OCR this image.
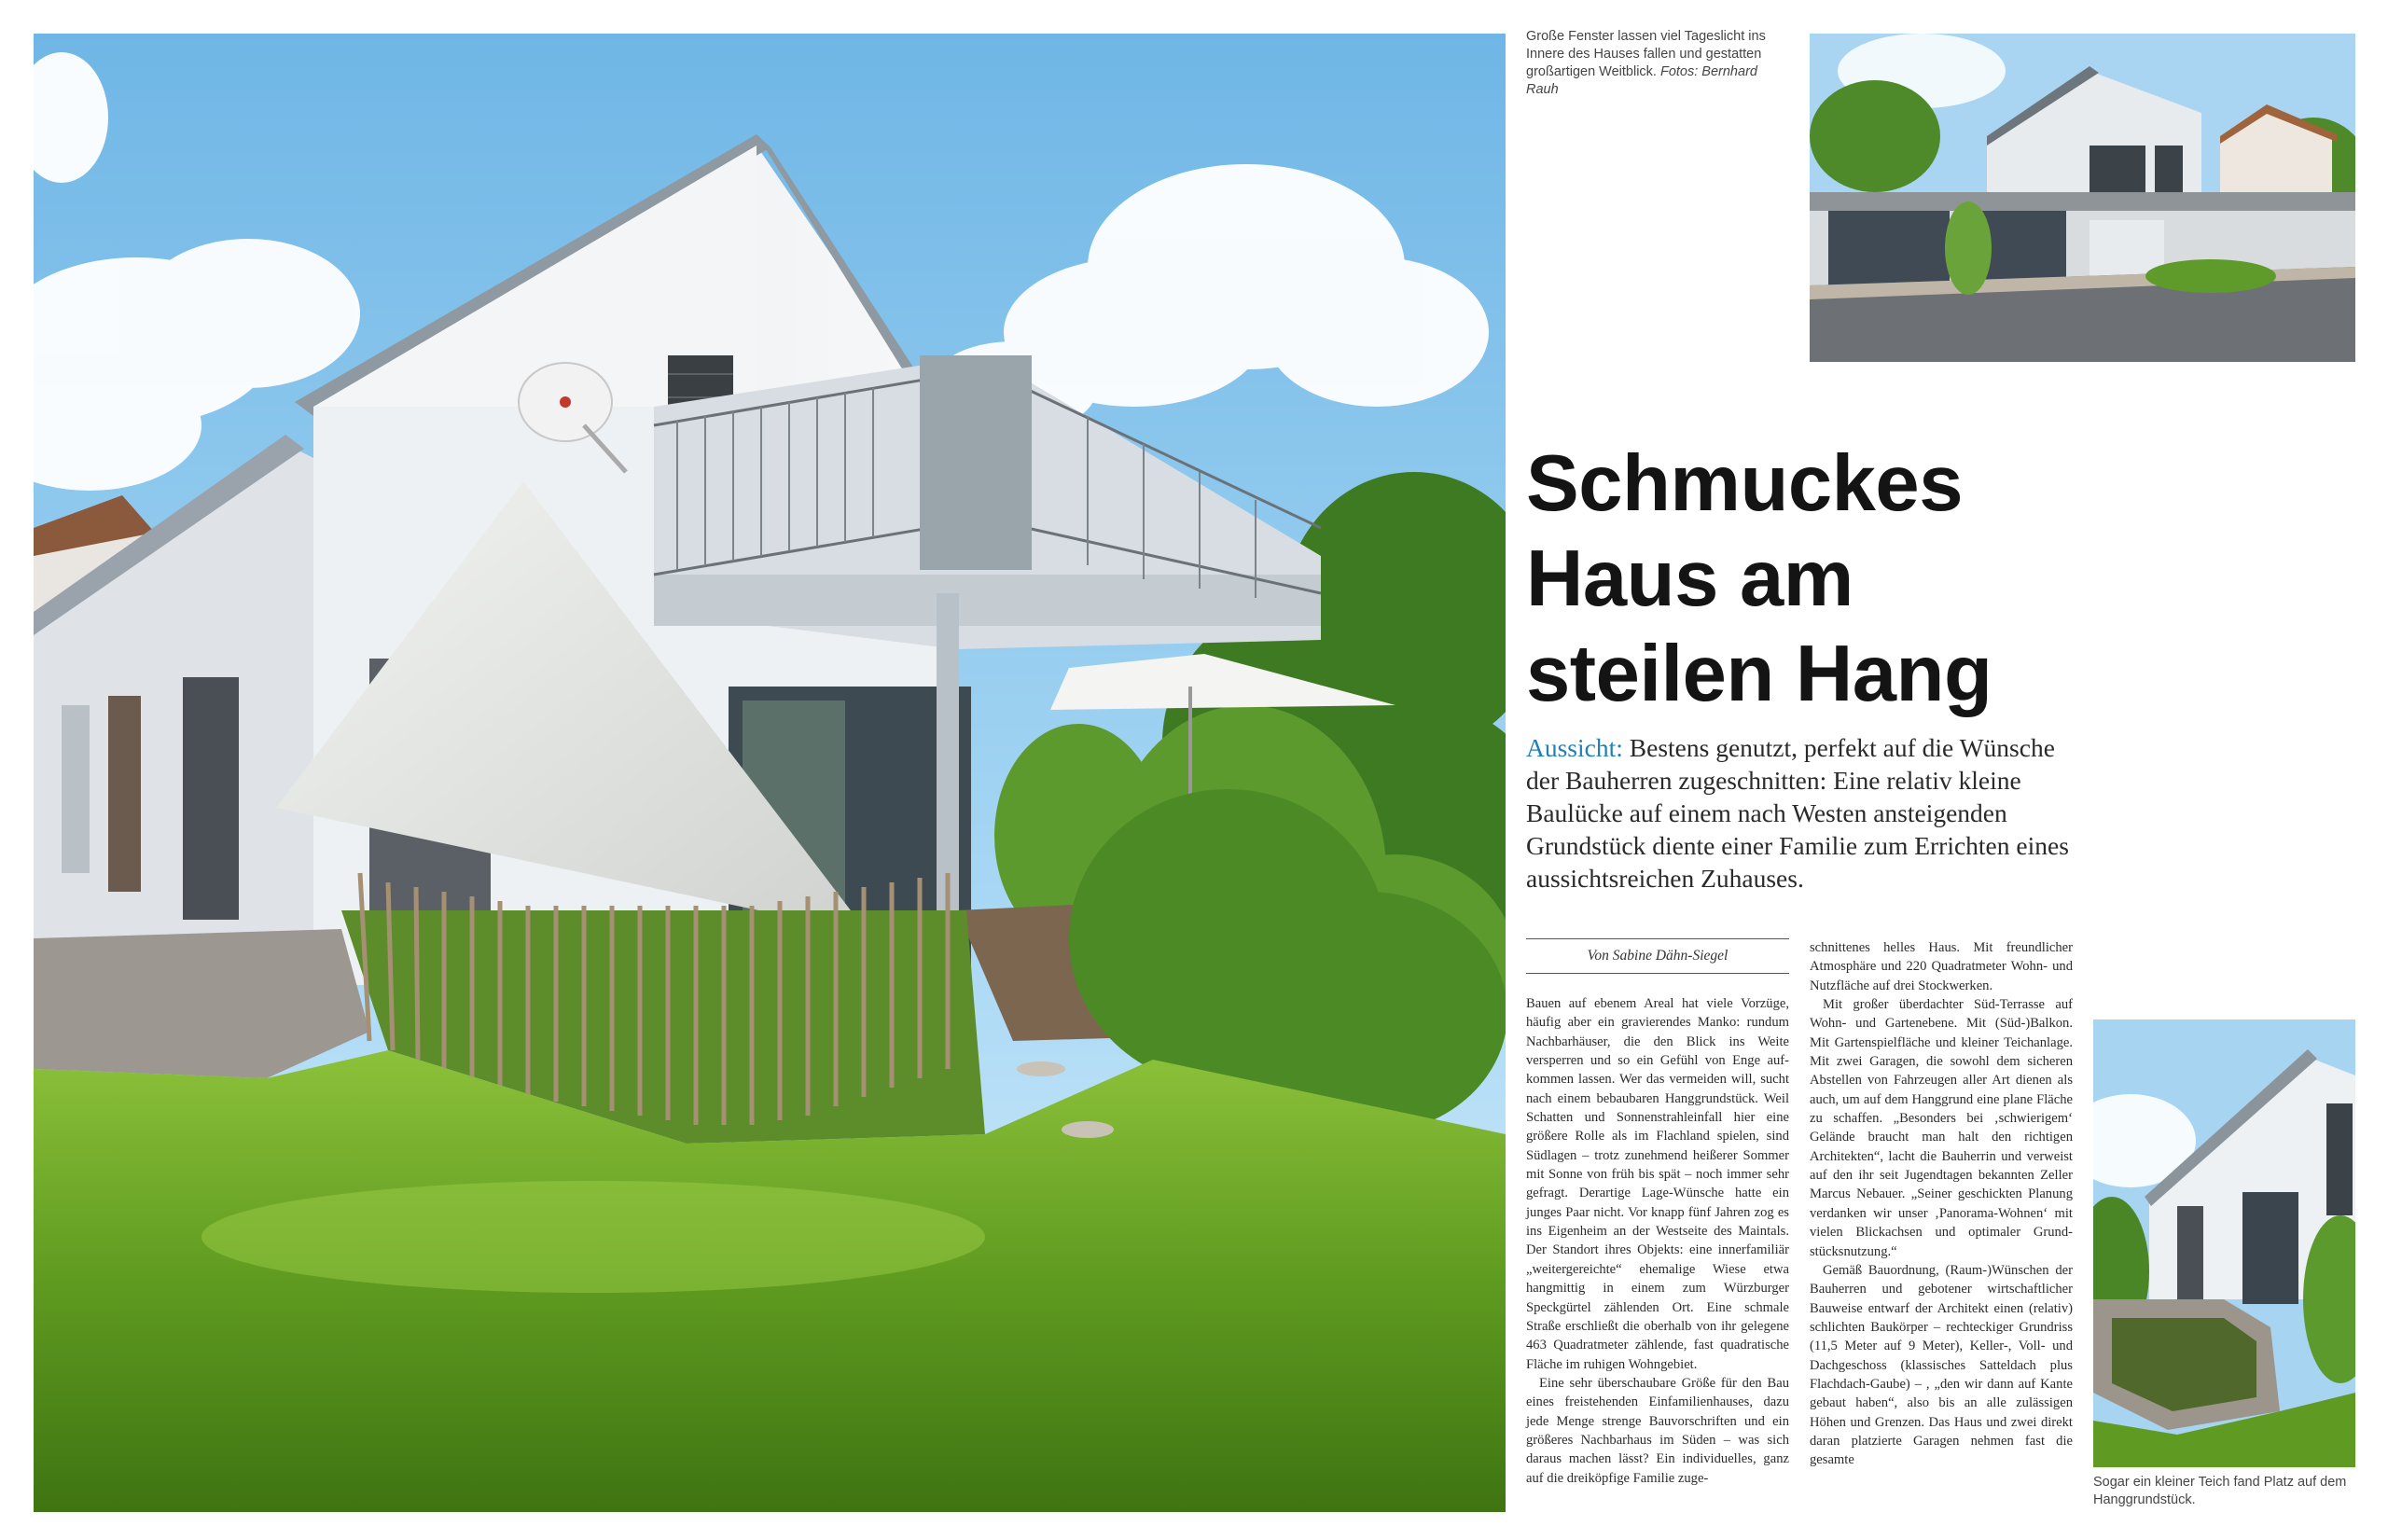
Große Fenster lassen viel Tageslicht ins Innere des Hauses fallen und gestatten großartigen Weitblick. Fotos: Bernhard Rauh
Schmuckes
Haus am
steilen Hang
Aussicht: Bestens genutzt, perfekt auf die Wünsche der Bauherren zugeschnitten: Eine relativ kleine Baulücke auf einem nach Westen ansteigenden Grundstück diente einer Familie zum Errichten eines aussichtsreichen Zuhauses.
Von Sabine Dähn-Siegel

Bauen auf ebenem Areal hat viele Vorzüge, häufig aber ein gravierendes Manko: rundum Nachbarhäuser, die den Blick ins Weite versperren und so ein Gefühl von Enge aufkommen lassen. Wer das vermeiden will, sucht nach einem bebaubaren Hanggrundstück. Weil Schatten und Sonnenstrahleinfall hier eine größere Rolle als im Flachland spielen, sind Südlagen – trotz zunehmend heißerer Sommer mit Sonne von früh bis spät – noch immer sehr gefragt. Derartige Lage-Wünsche hatte ein junges Paar nicht. Vor knapp fünf Jahren zog es ins Eigenheim an der Westseite des Maintals. Der Standort ihres Objekts: eine innerfamiliär „weitergereichte“ ehemalige Wiese etwa hangmittig in einem zum Würzburger Speckgürtel zählenden Ort. Eine schmale Straße erschließt die oberhalb von ihr gelegene 463 Quadratmeter zählende, fast quadratische Fläche im ruhigen Wohngebiet.

Eine sehr überschaubare Größe für den Bau eines freistehenden Einfamilienhauses, dazu jede Menge strenge Bauvorschriften und ein größeres Nachbarhaus im Süden – was sich daraus machen lässt? Ein individuelles, ganz auf die dreiköpfige Familie zuge-

schnittenes helles Haus. Mit freundlicher Atmosphäre und 220 Quadratmeter Wohn- und Nutzfläche auf drei Stockwerken.

Mit großer überdachter Süd-Terrasse auf Wohn- und Gartenebene. Mit (Süd-)Balkon. Mit Gartenspielfläche und kleiner Teichanlage. Mit zwei Garagen, die sowohl dem sicheren Abstellen von Fahrzeugen aller Art dienen als auch, um auf dem Hanggrund eine plane Fläche zu schaffen. „Besonders bei ‚schwierigem‘ Gelände braucht man halt den richtigen Architekten“, lacht die Bauherrin und verweist auf den ihr seit Jugendtagen bekannten Zeller Marcus Nebauer. „Seiner geschickten Planung verdanken wir unser ‚Panorama-Wohnen‘ mit vielen Blickachsen und optimaler Grundstücksnutzung.“

Gemäß Bauordnung, (Raum-)Wünschen der Bauherren und gebotener wirtschaftlicher Bauweise entwarf der Architekt einen (relativ) schlichten Baukörper – rechteckiger Grundriss (11,5 Meter auf 9 Meter), Keller-, Voll- und Dachgeschoss (klassisches Satteldach plus Flachdach-Gaube) – , „den wir dann auf Kante gebaut haben“, also bis an alle zulässigen Höhen und Grenzen. Das Haus und zwei direkt daran platzierte Garagen nehmen fast die gesamte

Sogar ein kleiner Teich fand Platz auf dem Hanggrundstück.
